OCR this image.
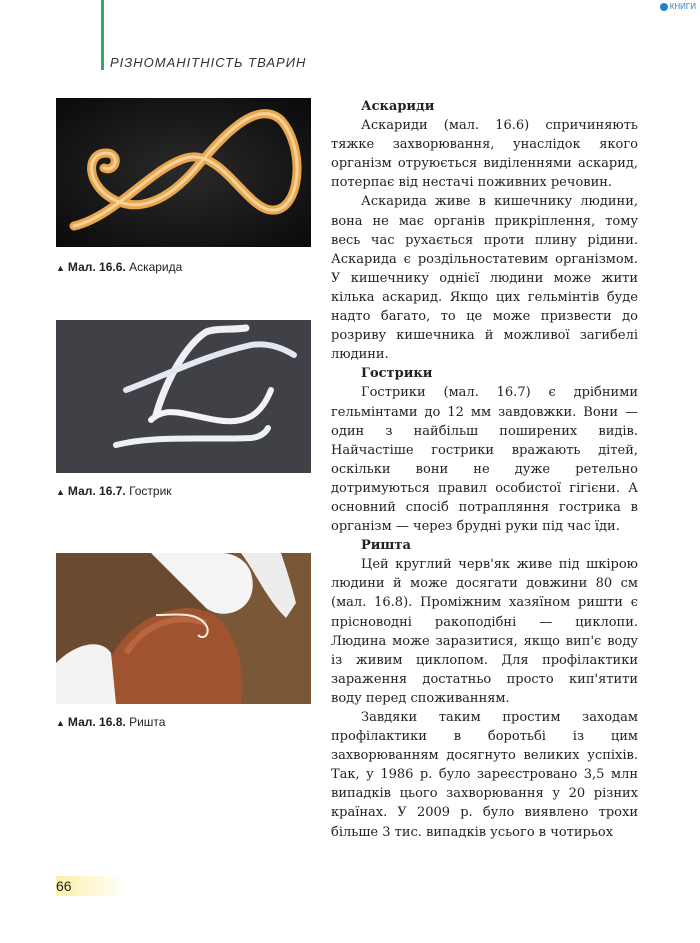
РІЗНОМАНІТНІСТЬ ТВАРИН
КНИГИ
▲ Мал. 16.6. Аскарида
▲ Мал. 16.7. Гострик
▲ Мал. 16.8. Ришта
Аскариди

Аскариди (мал. 16.6) спричиняють тяжке захворювання, унаслідок якого організм отруюється виділеннями аскарид, потерпає від нестачі поживних речовин.

Аскарида живе в кишечнику людини, вона не має органів прикріплення, тому весь час рухається проти плину рідини. Аскарида є роздільностатевим організмом. У кишечнику однієї людини може жити кілька аскарид. Якщо цих гельмінтів буде надто багато, то це може призвести до розриву кишечника й можливої загибелі людини.

Гострики

Гострики (мал. 16.7) є дрібними гельмінтами до 12 мм завдовжки. Вони — один з найбільш поширених видів. Найчастіше гострики вражають дітей, оскільки вони не дуже ретельно дотримуються правил особистої гігієни. А основний спосіб потрапляння гострика в організм — через брудні руки під час їди.

Ришта

Цей круглий черв'як живе під шкірою людини й може досягати довжини 80 см (мал. 16.8). Проміжним хазяїном ришти є прісноводні ракоподібні — циклопи. Людина може заразитися, якщо вип'є воду із живим циклопом. Для профілактики зараження достатньо просто кип'ятити воду перед споживанням.

Завдяки таким простим заходам профілактики в боротьбі із цим захворюванням досягнуто великих успіхів. Так, у 1986 р. було зареєстровано 3,5 млн випадків цього захворювання у 20 різних країнах. У 2009 р. було виявлено трохи більше 3 тис. випадків усього в чотирьох

66
